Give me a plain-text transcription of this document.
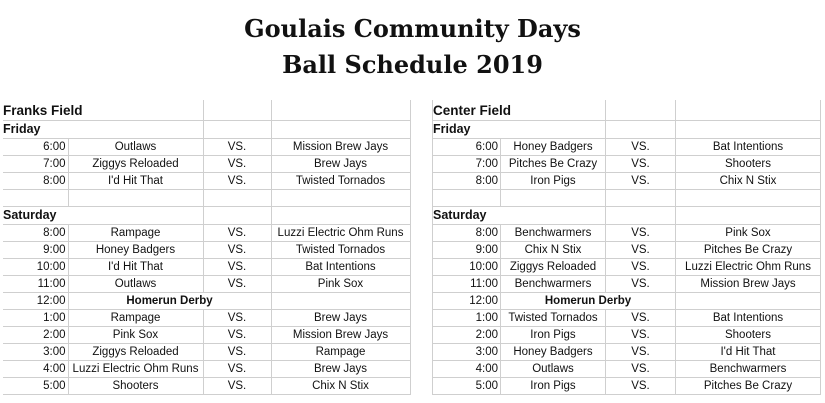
Goulais Community Days
Ball Schedule 2019
Franks Field			
Friday			
6:00	Outlaws	VS.	Mission Brew Jays
7:00	Ziggys Reloaded	VS.	Brew Jays
8:00	I'd Hit That	VS.	Twisted Tornados

Saturday			
8:00	Rampage	VS.	Luzzi Electric Ohm Runs
9:00	Honey Badgers	VS.	Twisted Tornados
10:00	I'd Hit That	VS.	Bat Intentions
11:00	Outlaws	VS.	Pink Sox
12:00	Homerun Derby		
1:00	Rampage	VS.	Brew Jays
2:00	Pink Sox	VS.	Mission Brew Jays
3:00	Ziggys Reloaded	VS.	Rampage
4:00	Luzzi Electric Ohm Runs	VS.	Brew Jays
5:00	Shooters	VS.	Chix N Stix
Center Field			
Friday			
6:00	Honey Badgers	VS.	Bat Intentions
7:00	Pitches Be Crazy	VS.	Shooters
8:00	Iron Pigs	VS.	Chix N Stix

Saturday			
8:00	Benchwarmers	VS.	Pink Sox
9:00	Chix N Stix	VS.	Pitches Be Crazy
10:00	Ziggys Reloaded	VS.	Luzzi Electric Ohm Runs
11:00	Benchwarmers	VS.	Mission Brew Jays
12:00	Homerun Derby		
1:00	Twisted Tornados	VS.	Bat Intentions
2:00	Iron Pigs	VS.	Shooters
3:00	Honey Badgers	VS.	I'd Hit That
4:00	Outlaws	VS.	Benchwarmers
5:00	Iron Pigs	VS.	Pitches Be Crazy
